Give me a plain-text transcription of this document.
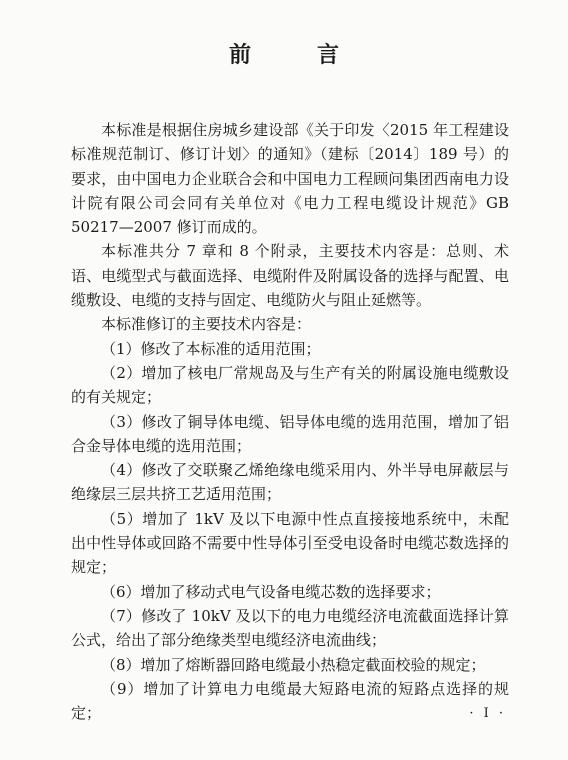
前　言

本标准是根据住房城乡建设部《关于印发〈2015 年工程建设标准规范制订、修订计划〉的通知》（建标〔2014〕189 号）的要求，由中国电力企业联合会和中国电力工程顾问集团西南电力设计院有限公司会同有关单位对《电力工程电缆设计规范》GB 50217—2007 修订而成的。

本标准共分 7 章和 8 个附录，主要技术内容是：总则、术语、电缆型式与截面选择、电缆附件及附属设备的选择与配置、电缆敷设、电缆的支持与固定、电缆防火与阻止延燃等。

本标准修订的主要技术内容是：

（1）修改了本标准的适用范围；

（2）增加了核电厂常规岛及与生产有关的附属设施电缆敷设的有关规定；

（3）修改了铜导体电缆、铝导体电缆的选用范围，增加了铝合金导体电缆的选用范围；

（4）修改了交联聚乙烯绝缘电缆采用内、外半导电屏蔽层与绝缘层三层共挤工艺适用范围；

（5）增加了 1kV 及以下电源中性点直接接地系统中，未配出中性导体或回路不需要中性导体引至受电设备时电缆芯数选择的规定；

（6）增加了移动式电气设备电缆芯数的选择要求；

（7）修改了 10kV 及以下的电力电缆经济电流截面选择计算公式，给出了部分绝缘类型电缆经济电流曲线；

（8）增加了熔断器回路电缆最小热稳定截面校验的规定；

（9）增加了计算电力电缆最大短路电流的短路点选择的规定；	· Ⅰ ·
